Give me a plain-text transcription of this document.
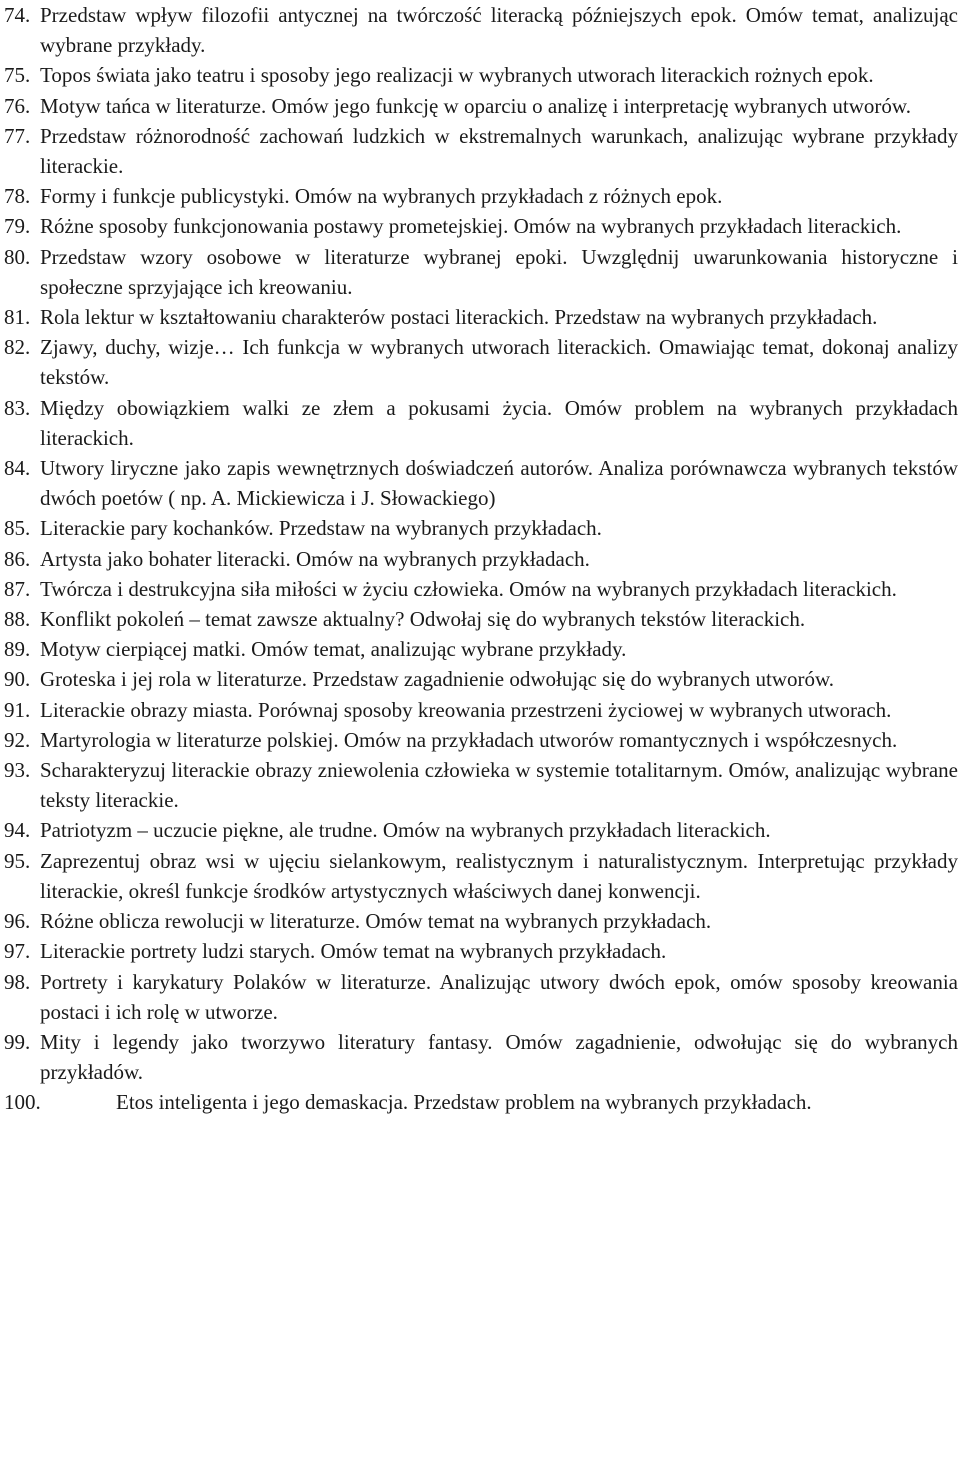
74. Przedstaw wpływ filozofii antycznej na twórczość literacką późniejszych epok. Omów temat, analizując wybrane przykłady.
75. Topos świata jako teatru i sposoby jego realizacji w wybranych utworach literackich rożnych epok.
76. Motyw tańca w literaturze. Omów jego funkcję w oparciu o analizę i interpretację wybranych utworów.
77. Przedstaw różnorodność zachowań ludzkich w ekstremalnych warunkach, analizując wybrane przykłady literackie.
78. Formy i funkcje publicystyki. Omów na wybranych przykładach z różnych epok.
79. Różne sposoby funkcjonowania postawy prometejskiej. Omów na wybranych przykładach literackich.
80. Przedstaw wzory osobowe w literaturze wybranej epoki. Uwzględnij uwarunkowania historyczne i społeczne sprzyjające ich kreowaniu.
81. Rola lektur w kształtowaniu charakterów postaci literackich. Przedstaw na wybranych przykładach.
82. Zjawy, duchy, wizje… Ich funkcja w wybranych utworach literackich. Omawiając temat, dokonaj analizy tekstów.
83. Między obowiązkiem walki ze złem a pokusami życia. Omów problem na wybranych przykładach literackich.
84. Utwory liryczne jako zapis wewnętrznych doświadczeń autorów. Analiza porównawcza wybranych tekstów dwóch poetów ( np. A. Mickiewicza i J. Słowackiego)
85. Literackie pary kochanków. Przedstaw na wybranych przykładach.
86. Artysta jako bohater literacki. Omów na wybranych przykładach.
87. Twórcza i destrukcyjna siła miłości w życiu człowieka. Omów na wybranych przykładach literackich.
88. Konflikt pokoleń – temat zawsze aktualny? Odwołaj się do wybranych tekstów literackich.
89. Motyw cierpiącej matki. Omów temat, analizując wybrane przykłady.
90. Groteska i jej rola w literaturze. Przedstaw zagadnienie odwołując się do wybranych utworów.
91. Literackie obrazy miasta. Porównaj sposoby kreowania przestrzeni życiowej w wybranych utworach.
92. Martyrologia w literaturze polskiej. Omów na przykładach utworów romantycznych i współczesnych.
93. Scharakteryzuj literackie obrazy zniewolenia człowieka w systemie totalitarnym. Omów, analizując wybrane teksty literackie.
94. Patriotyzm – uczucie piękne, ale trudne. Omów na wybranych przykładach literackich.
95. Zaprezentuj obraz wsi w ujęciu sielankowym, realistycznym i naturalistycznym. Interpretując przykłady literackie, określ funkcje środków artystycznych właściwych danej konwencji.
96. Różne oblicza rewolucji w literaturze. Omów temat na wybranych przykładach.
97. Literackie portrety ludzi starych. Omów temat na wybranych przykładach.
98. Portrety i karykatury Polaków w literaturze. Analizując utwory dwóch epok, omów sposoby kreowania postaci i ich rolę w utworze.
99. Mity i legendy jako tworzywo literatury fantasy. Omów zagadnienie, odwołując się do wybranych przykładów.
100.	Etos inteligenta i jego demaskacja. Przedstaw problem na wybranych przykładach.
